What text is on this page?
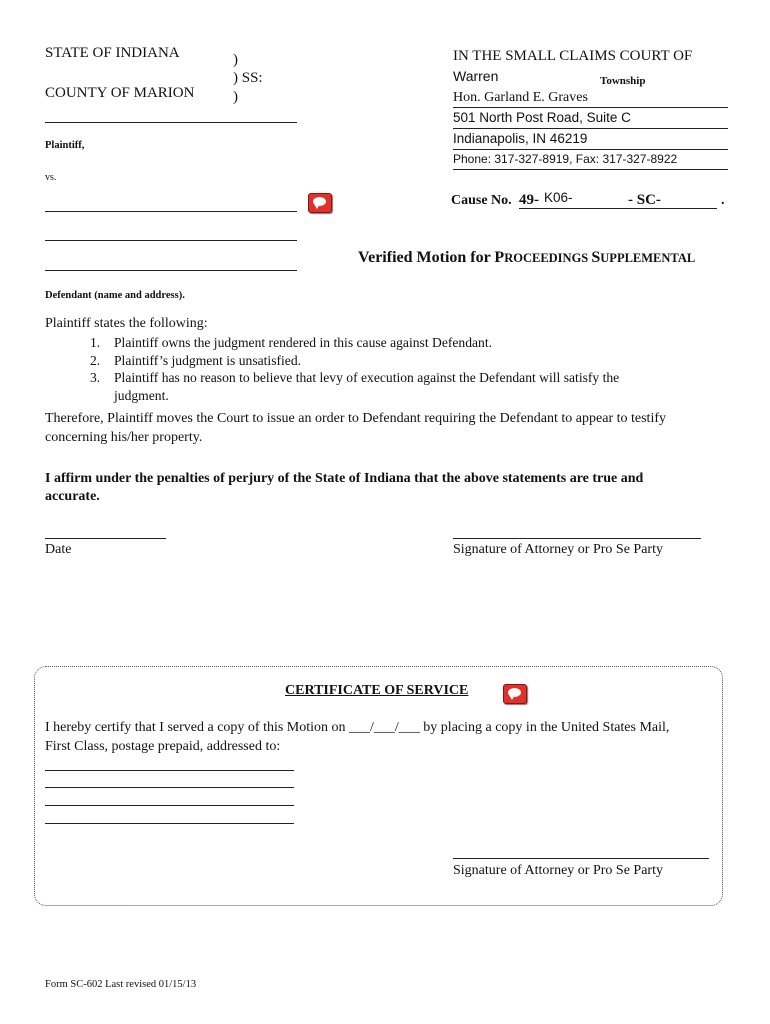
STATE OF INDIANA
COUNTY OF MARION
)
) SS:
)
Plaintiff,
vs.
Defendant (name and address).
IN THE SMALL CLAIMS COURT OF
Warren	Township
Hon. Garland E. Graves
501 North Post Road, Suite C
Indianapolis, IN 46219
Phone: 317-327-8919, Fax: 317-327-8922
Cause No. 49- K06-	- SC-	.
Verified Motion for PROCEEDINGS SUPPLEMENTAL
Plaintiff states the following:
1. Plaintiff owns the judgment rendered in this cause against Defendant.
2. Plaintiff’s judgment is unsatisfied.
3. Plaintiff has no reason to believe that levy of execution against the Defendant will satisfy the
judgment.
Therefore, Plaintiff moves the Court to issue an order to Defendant requiring the Defendant to appear to testify
concerning his/her property.
I affirm under the penalties of perjury of the State of Indiana that the above statements are true and
accurate.
Date	Signature of Attorney or Pro Se Party
CERTIFICATE OF SERVICE
I hereby certify that I served a copy of this Motion on ___/___/___ by placing a copy in the United States Mail,
First Class, postage prepaid, addressed to:
Signature of Attorney or Pro Se Party
Form SC-602 Last revised 01/15/13
